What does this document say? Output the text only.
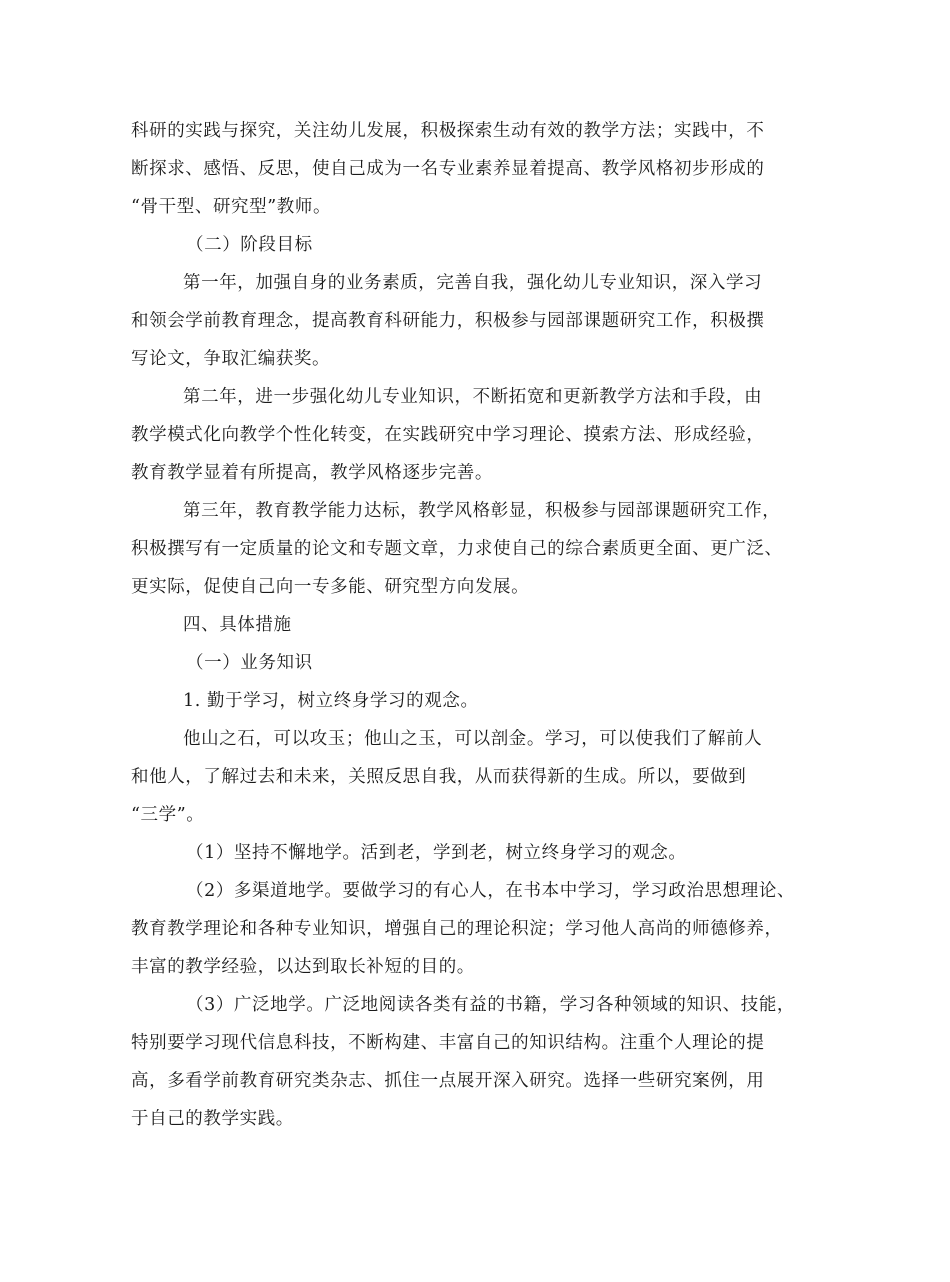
科研的实践与探究，关注幼儿发展，积极探索生动有效的教学方法；实践中，不
断探求、感悟、反思，使自己成为一名专业素养显着提高、教学风格初步形成的
“骨干型、研究型”教师。
（二）阶段目标
第一年，加强自身的业务素质，完善自我，强化幼儿专业知识，深入学习
和领会学前教育理念，提高教育科研能力，积极参与园部课题研究工作，积极撰
写论文，争取汇编获奖。
第二年，进一步强化幼儿专业知识，不断拓宽和更新教学方法和手段，由
教学模式化向教学个性化转变，在实践研究中学习理论、摸索方法、形成经验，
教育教学显着有所提高，教学风格逐步完善。
第三年，教育教学能力达标，教学风格彰显，积极参与园部课题研究工作，
积极撰写有一定质量的论文和专题文章，力求使自己的综合素质更全面、更广泛、
更实际，促使自己向一专多能、研究型方向发展。
四、具体措施
（一）业务知识
1. 勤于学习，树立终身学习的观念。
他山之石，可以攻玉；他山之玉，可以剖金。学习，可以使我们了解前人
和他人，了解过去和未来，关照反思自我，从而获得新的生成。所以，要做到
“三学”。
（1）坚持不懈地学。活到老，学到老，树立终身学习的观念。
（2）多渠道地学。要做学习的有心人，在书本中学习，学习政治思想理论、
教育教学理论和各种专业知识，增强自己的理论积淀；学习他人高尚的师德修养，
丰富的教学经验，以达到取长补短的目的。
（3）广泛地学。广泛地阅读各类有益的书籍，学习各种领域的知识、技能，
特别要学习现代信息科技，不断构建、丰富自己的知识结构。注重个人理论的提
高，多看学前教育研究类杂志、抓住一点展开深入研究。选择一些研究案例，用
于自己的教学实践。
